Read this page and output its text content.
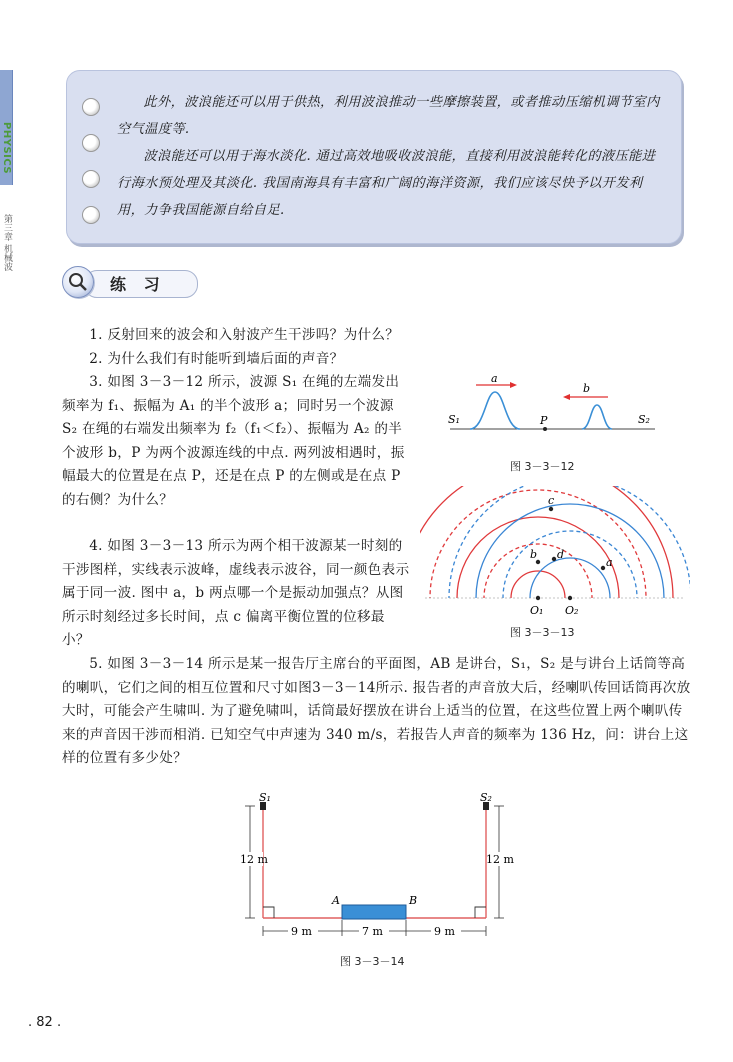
PHYSICS
第三章 机械波

此外，波浪能还可以用于供热，利用波浪推动一些摩擦装置，或者推动压缩机调节室内空气温度等.

波浪能还可以用于海水淡化. 通过高效地吸收波浪能，直接利用波浪能转化的液压能进行海水预处理及其淡化. 我国南海具有丰富和广阔的海洋资源，我们应该尽快予以开发利用，力争我国能源自给自足.

练 习

1. 反射回来的波会和入射波产生干涉吗？为什么？

2. 为什么我们有时能听到墙后面的声音？

3. 如图 3－3－12 所示，波源 S₁ 在绳的左端发出频率为 f₁、振幅为 A₁ 的半个波形 a；同时另一个波源 S₂ 在绳的右端发出频率为 f₂（f₁＜f₂）、振幅为 A₂ 的半个波形 b，P 为两个波源连线的中点. 两列波相遇时，振幅最大的位置是在点 P，还是在点 P 的左侧或是在点 P 的右侧？为什么？

4. 如图 3－3－13 所示为两个相干波源某一时刻的干涉图样，实线表示波峰，虚线表示波谷，同一颜色表示属于同一波. 图中 a，b 两点哪一个是振动加强点？从图所示时刻经过多长时间，点 c 偏离平衡位置的位移最小？

5. 如图 3－3－14 所示是某一报告厅主席台的平面图，AB 是讲台，S₁，S₂ 是与讲台上话筒等高的喇叭，它们之间的相互位置和尺寸如图3－3－14所示. 报告者的声音放大后，经喇叭传回话筒再次放大时，可能会产生啸叫. 为了避免啸叫，话筒最好摆放在讲台上适当的位置，在这些位置上两个喇叭传来的声音因干涉而相消. 已知空气中声速为 340 m/s，若报告人声音的频率为 136 Hz，问：讲台上这样的位置有多少处？

a
b
S₁	S₂
P
图 3－3－12
c
a
b d
O₁ O₂
图 3－3－13
12 m	12 m
9 m	7 m	9 m
S₁	S₂
A	B
图 3－3－14
. 82 .
